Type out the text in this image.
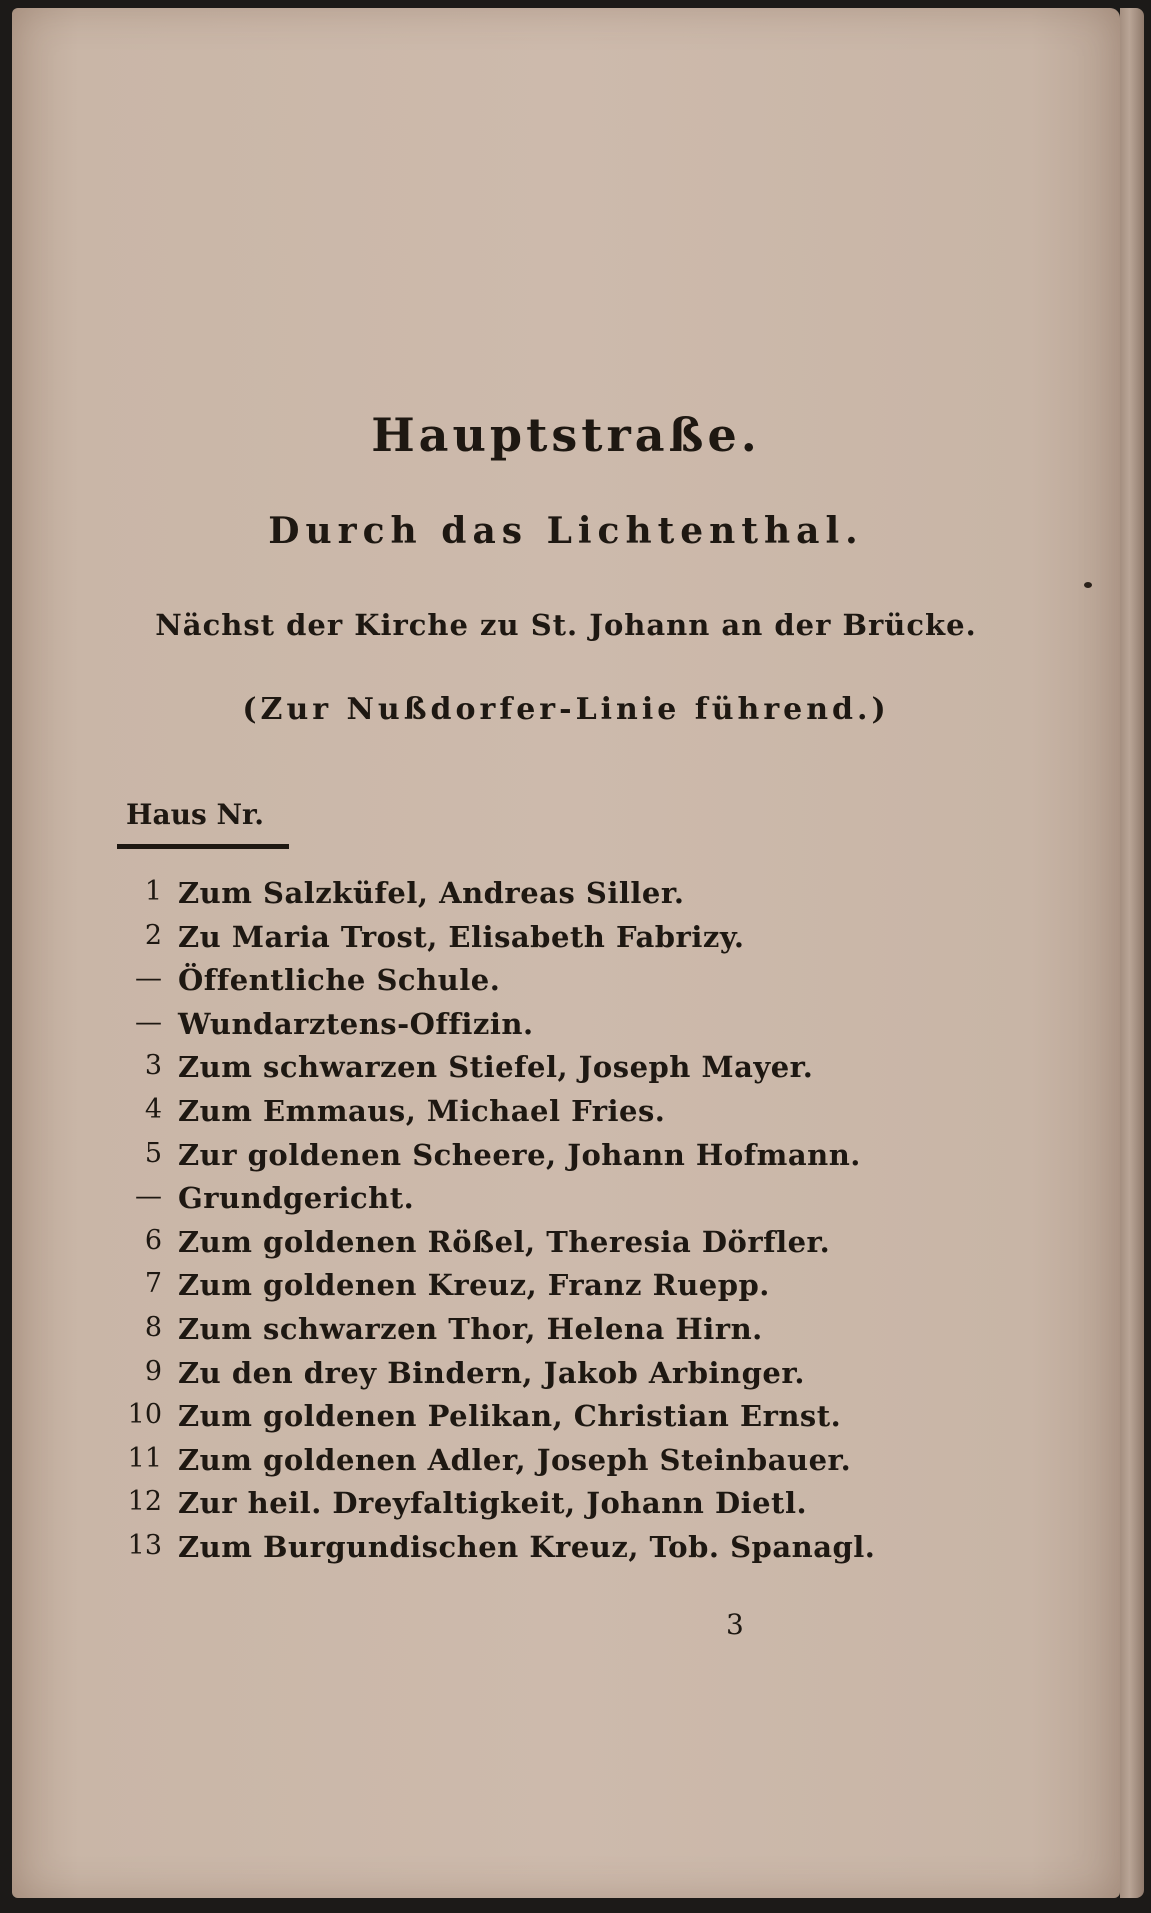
Hauptstraße.
Durch das Lichtenthal.
Nächst der Kirche zu St. Johann an der Brücke.
(Zur Nußdorfer-Linie führend.)
Haus Nr.
1 Zum Salzküfel, Andreas Siller.
2 Zu Maria Trost, Elisabeth Fabrizy.
— Öffentliche Schule.
— Wundarztens-Offizin.
3 Zum schwarzen Stiefel, Joseph Mayer.
4 Zum Emmaus, Michael Fries.
5 Zur goldenen Scheere, Johann Hofmann.
— Grundgericht.
6 Zum goldenen Rößel, Theresia Dörfler.
7 Zum goldenen Kreuz, Franz Ruepp.
8 Zum schwarzen Thor, Helena Hirn.
9 Zu den drey Bindern, Jakob Arbinger.
10 Zum goldenen Pelikan, Christian Ernst.
11 Zum goldenen Adler, Joseph Steinbauer.
12 Zur heil. Dreyfaltigkeit, Johann Dietl.
13 Zum Burgundischen Kreuz, Tob. Spanagl.
3
